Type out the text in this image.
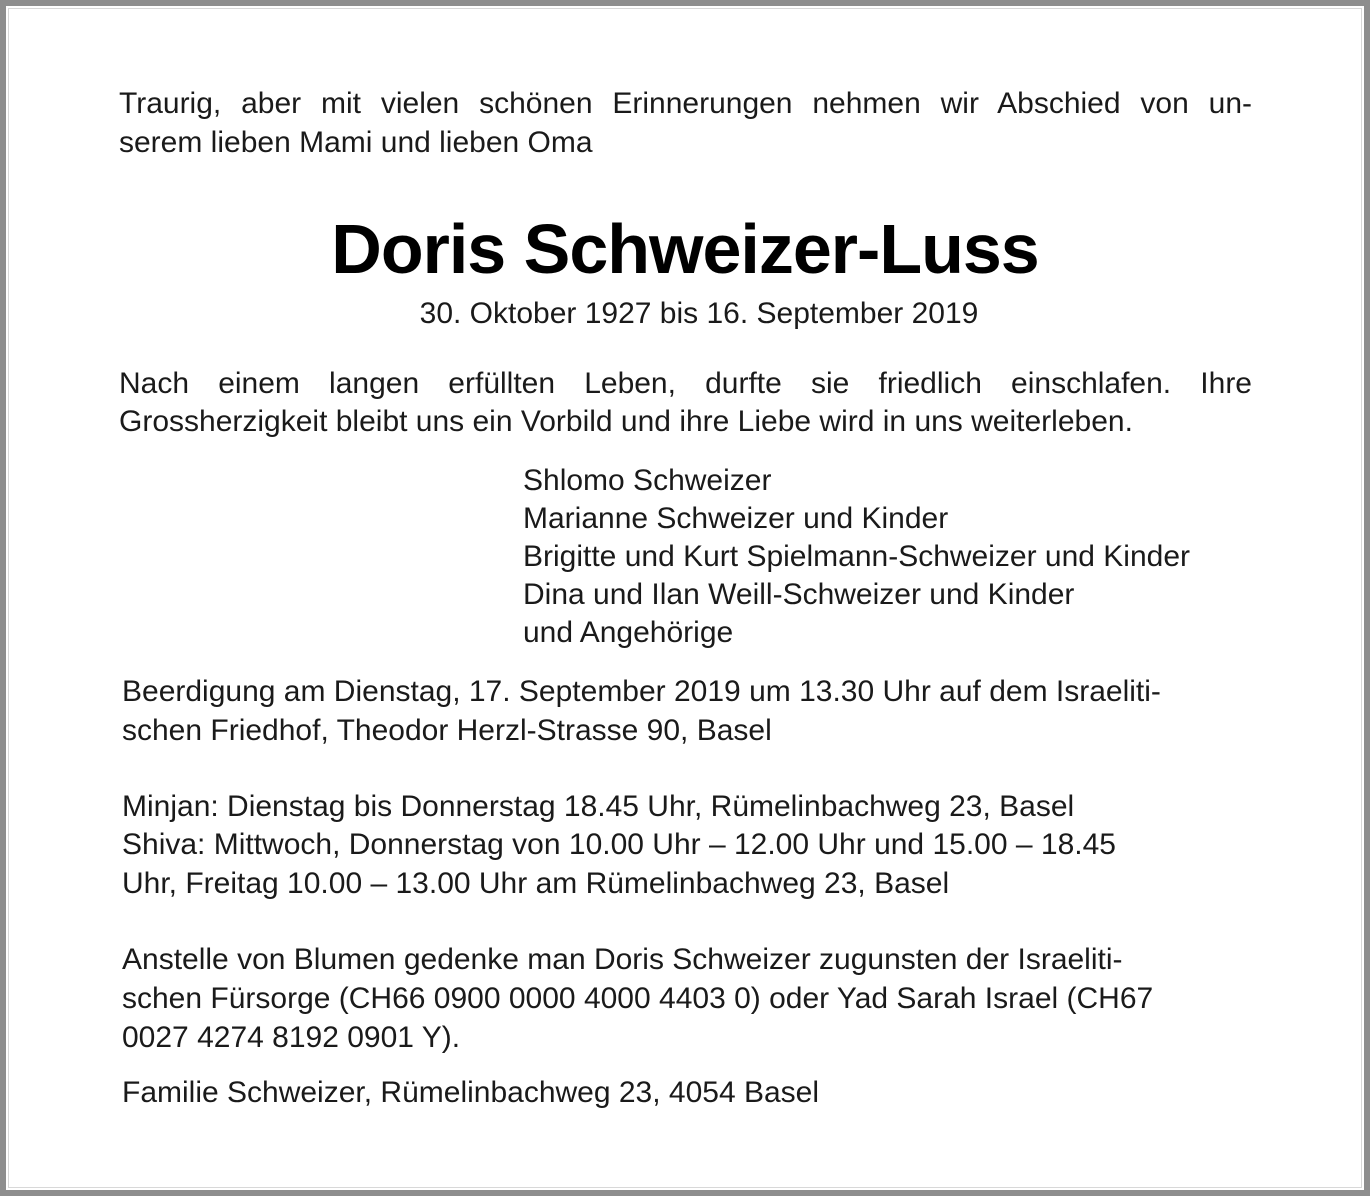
Traurig, aber mit vielen schönen Erinnerungen nehmen wir Abschied von un-
serem lieben Mami und lieben Oma
Doris Schweizer-Luss
30. Oktober 1927 bis 16. September 2019
Nach einem langen erfüllten Leben, durfte sie friedlich einschlafen. Ihre
Grossherzigkeit bleibt uns ein Vorbild und ihre Liebe wird in uns weiterleben.
Shlomo Schweizer
Marianne Schweizer und Kinder
Brigitte und Kurt Spielmann-Schweizer und Kinder
Dina und Ilan Weill-Schweizer und Kinder
und Angehörige
Beerdigung am Dienstag, 17. September 2019 um 13.30 Uhr auf dem Israeliti-
schen Friedhof, Theodor Herzl-Strasse 90, Basel
Minjan: Dienstag bis Donnerstag 18.45 Uhr, Rümelinbachweg 23, Basel
Shiva: Mittwoch, Donnerstag von 10.00 Uhr – 12.00 Uhr und 15.00 – 18.45
Uhr, Freitag 10.00 – 13.00 Uhr am Rümelinbachweg 23, Basel
Anstelle von Blumen gedenke man Doris Schweizer zugunsten der Israeliti-
schen Fürsorge (CH66 0900 0000 4000 4403 0) oder Yad Sarah Israel (CH67
0027 4274 8192 0901 Y).
Familie Schweizer, Rümelinbachweg 23, 4054 Basel
